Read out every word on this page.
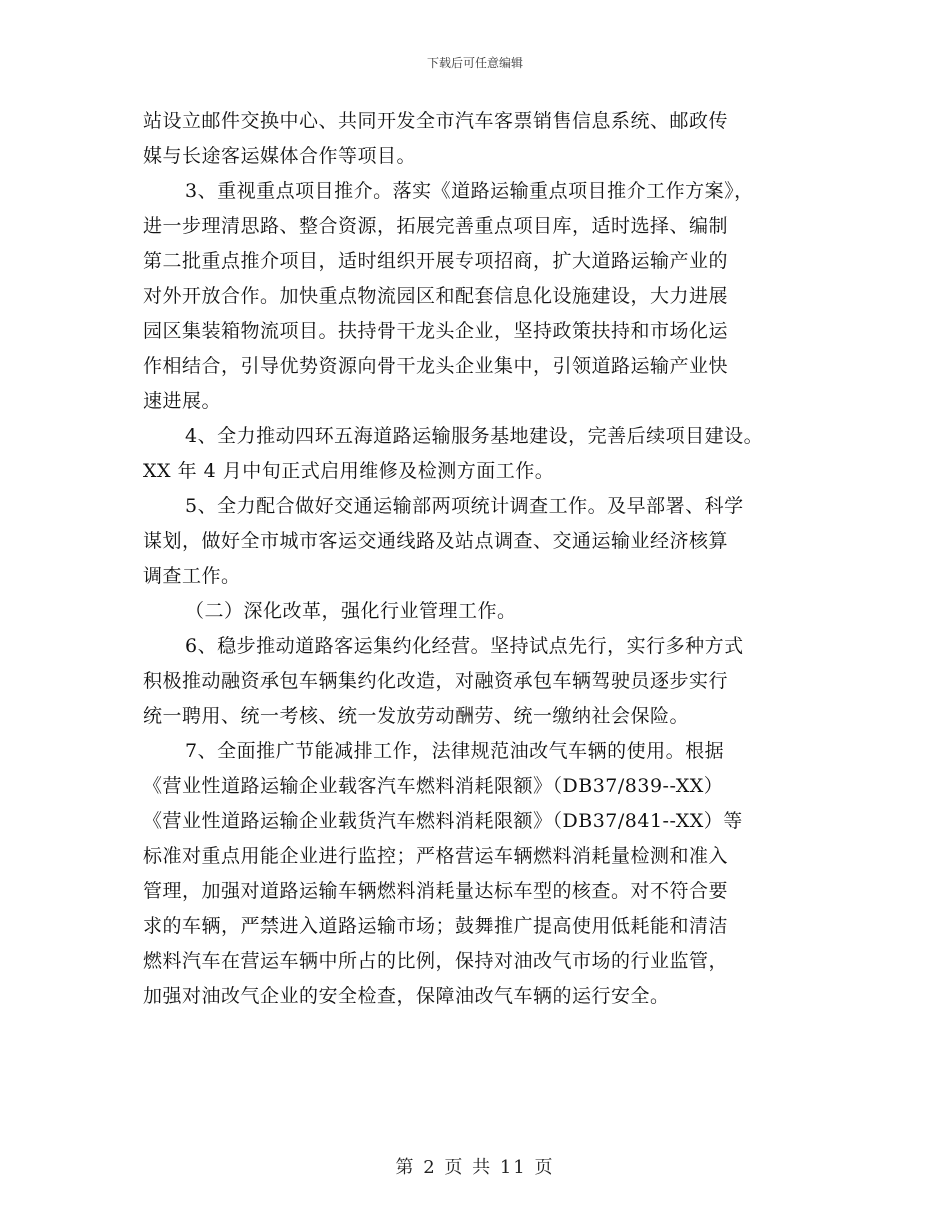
下载后可任意编辑

站设立邮件交换中心、共同开发全市汽车客票销售信息系统、邮政传
媒与长途客运媒体合作等项目。

3、重视重点项目推介。落实《道路运输重点项目推介工作方案》，
进一步理清思路、整合资源，拓展完善重点项目库，适时选择、编制
第二批重点推介项目，适时组织开展专项招商，扩大道路运输产业的
对外开放合作。加快重点物流园区和配套信息化设施建设，大力进展
园区集装箱物流项目。扶持骨干龙头企业，坚持政策扶持和市场化运
作相结合，引导优势资源向骨干龙头企业集中，引领道路运输产业快
速进展。

4、全力推动四环五海道路运输服务基地建设，完善后续项目建设。
XX 年 4 月中旬正式启用维修及检测方面工作。

5、全力配合做好交通运输部两项统计调查工作。及早部署、科学
谋划，做好全市城市客运交通线路及站点调查、交通运输业经济核算
调查工作。

（二）深化改革，强化行业管理工作。

6、稳步推动道路客运集约化经营。坚持试点先行，实行多种方式
积极推动融资承包车辆集约化改造，对融资承包车辆驾驶员逐步实行
统一聘用、统一考核、统一发放劳动酬劳、统一缴纳社会保险。

7、全面推广节能减排工作，法律规范油改气车辆的使用。根据
《营业性道路运输企业载客汽车燃料消耗限额》（DB37/839--XX）
《营业性道路运输企业载货汽车燃料消耗限额》（DB37/841--XX）等
标准对重点用能企业进行监控；严格营运车辆燃料消耗量检测和准入
管理，加强对道路运输车辆燃料消耗量达标车型的核查。对不符合要
求的车辆，严禁进入道路运输市场；鼓舞推广提高使用低耗能和清洁
燃料汽车在营运车辆中所占的比例，保持对油改气市场的行业监管，
加强对油改气企业的安全检查，保障油改气车辆的运行安全。

第 2 页 共 11 页
